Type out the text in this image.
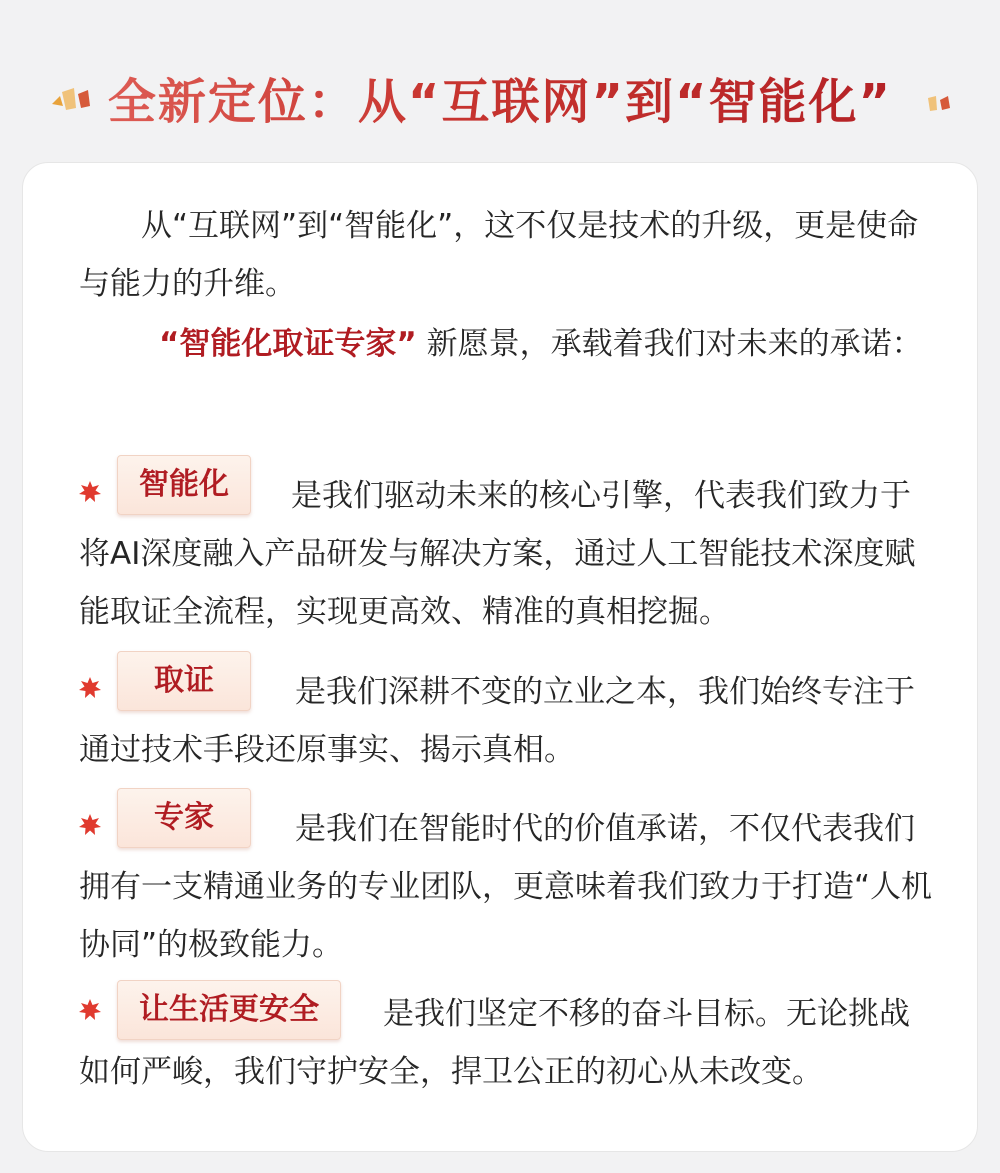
全新定位：从“互联网”到“智能化”
从“互联网”到“智能化”，这不仅是技术的升级，更是使命与能力的升维。
“智能化取证专家” 新愿景，承载着我们对未来的承诺：
智能化	是我们驱动未来的核心引擎，代表我们致力于将AI深度融入产品研发与解决方案，通过人工智能技术深度赋能取证全流程，实现更高效、精准的真相挖掘。
取证	是我们深耕不变的立业之本，我们始终专注于通过技术手段还原事实、揭示真相。
专家	是我们在智能时代的价值承诺，不仅代表我们拥有一支精通业务的专业团队，更意味着我们致力于打造“人机协同”的极致能力。
让生活更安全	是我们坚定不移的奋斗目标。无论挑战如何严峻，我们守护安全，捍卫公正的初心从未改变。
